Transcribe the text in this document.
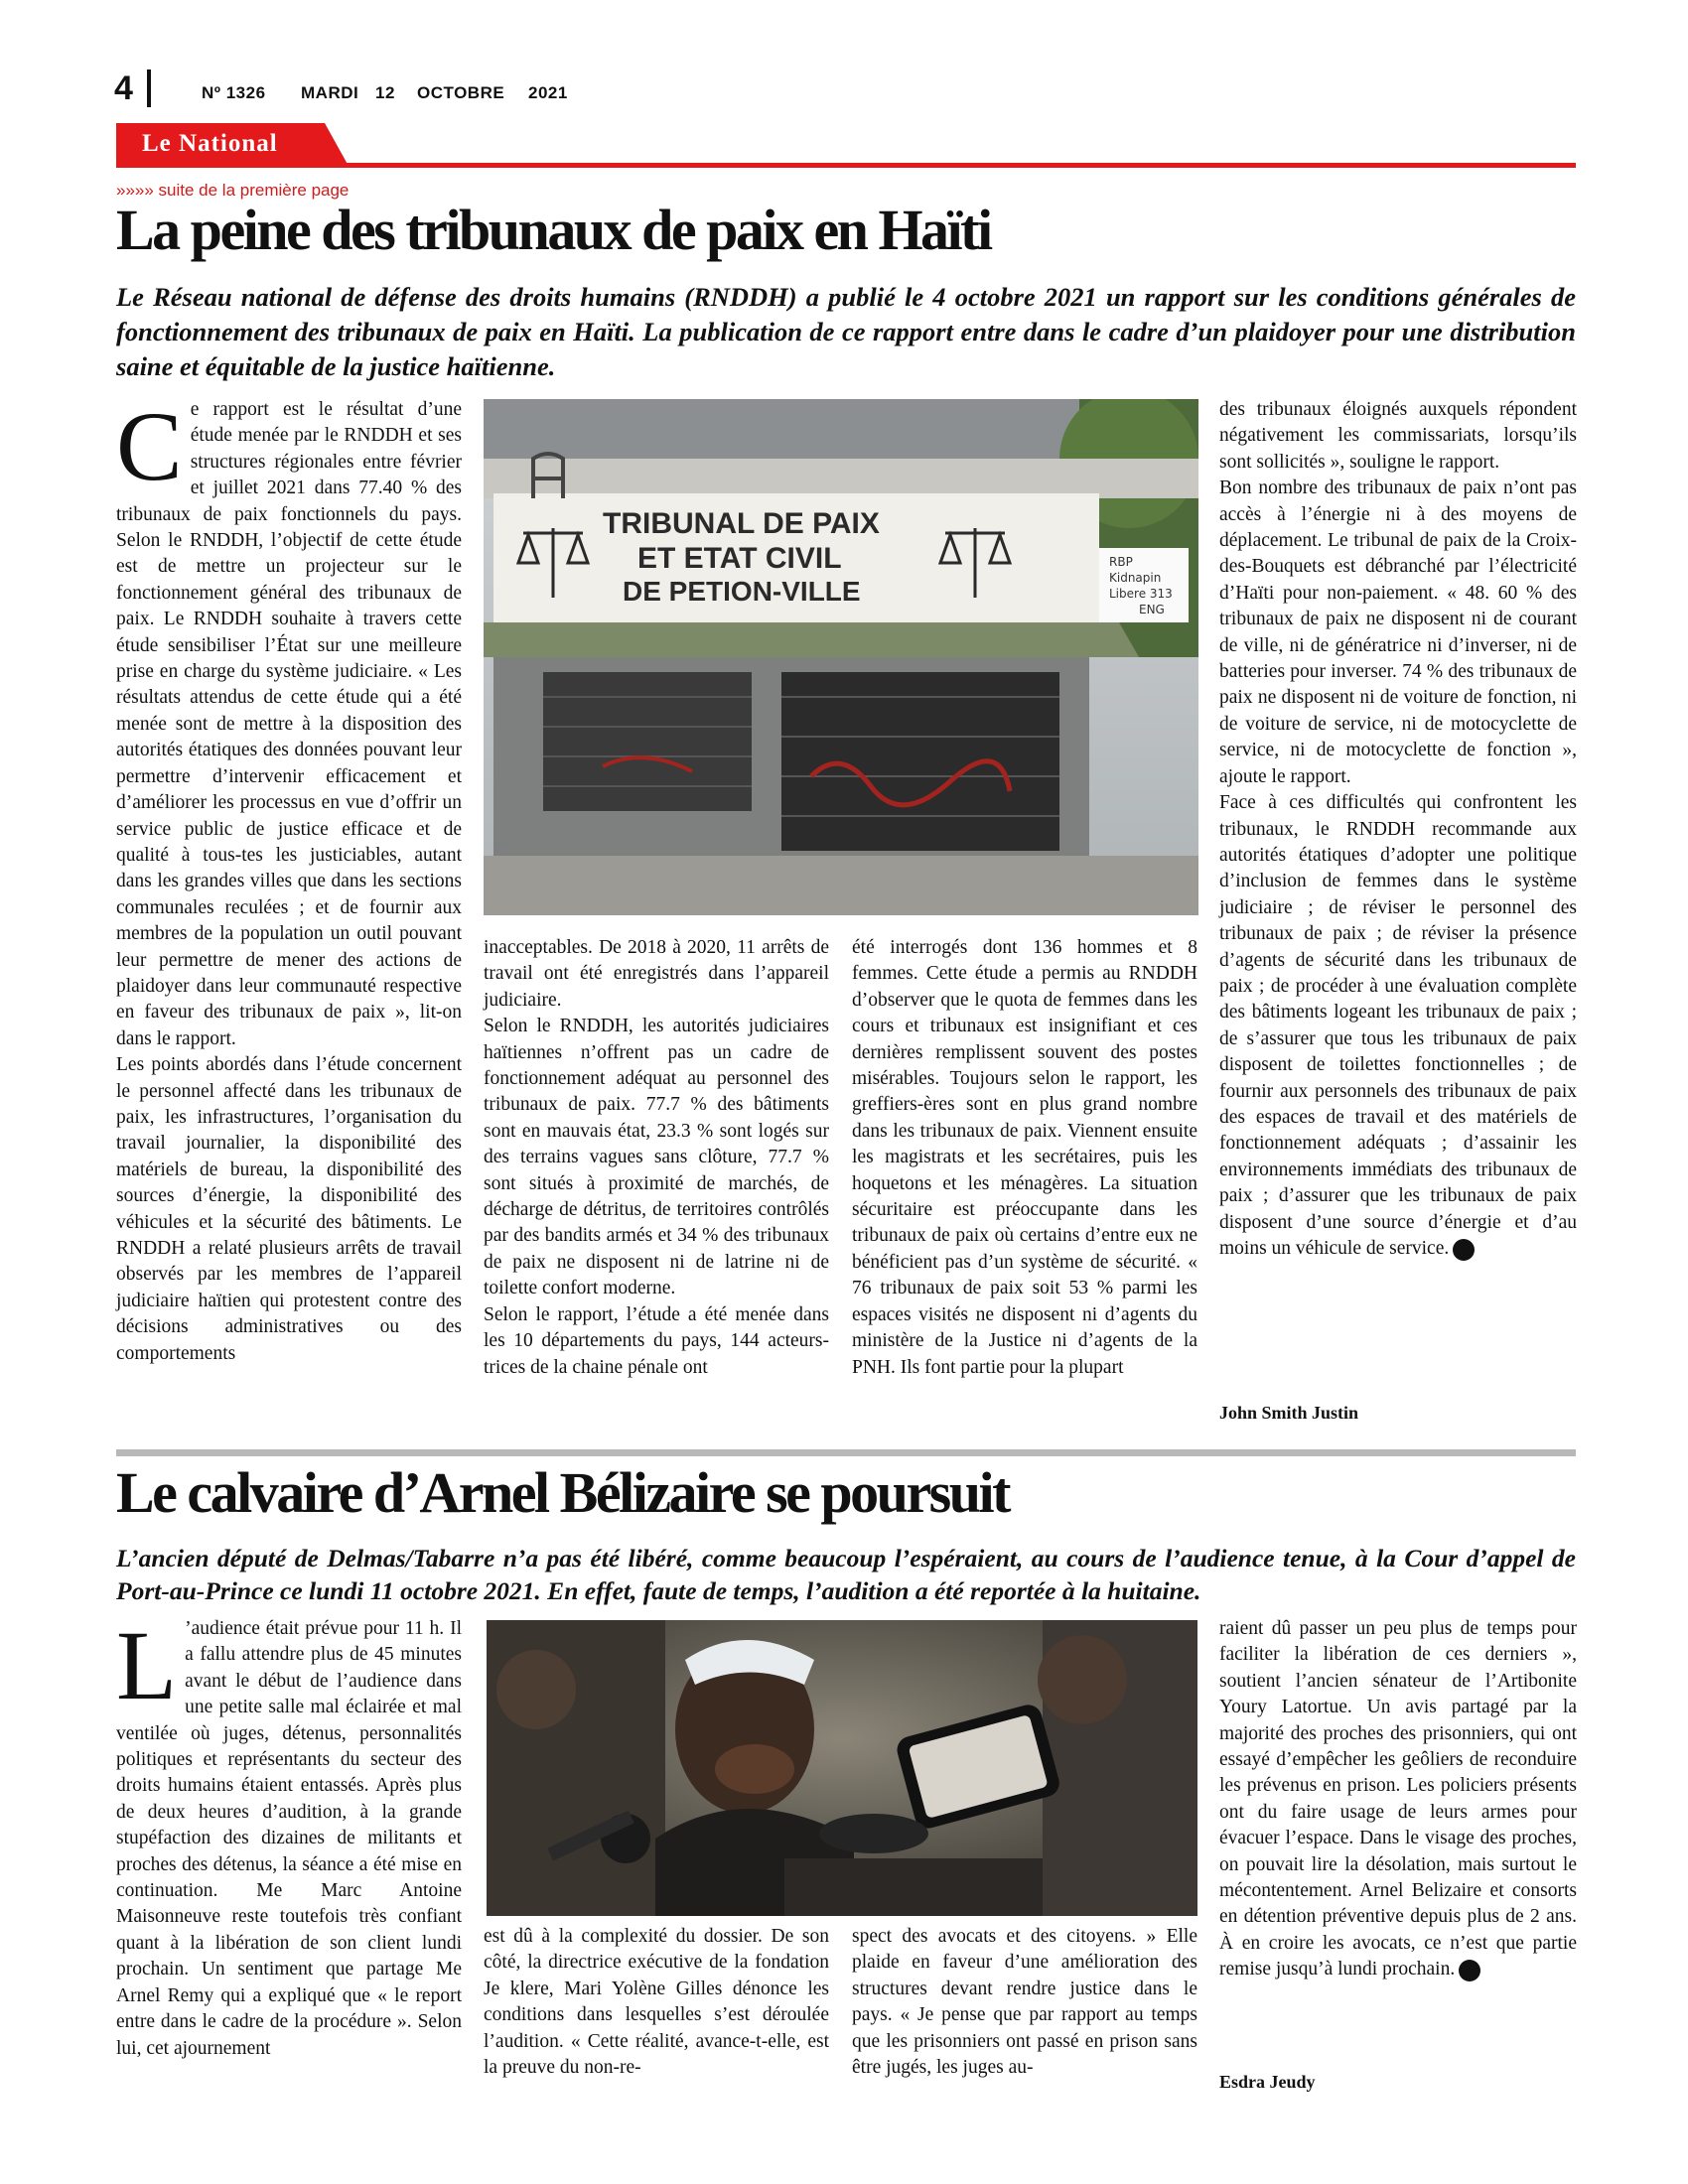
4	Nº 1326 MARDI 12 OCTOBRE 2021
Le National
»»»» suite de la première page
La peine des tribunaux de paix en Haïti
Le Réseau national de défense des droits humains (RNDDH) a publié le 4 octobre 2021 un rapport sur les conditions générales de fonctionnement des tribunaux de paix en Haïti. La publication de ce rapport entre dans le cadre d’un plaidoyer pour une distribution saine et équitable de la justice haïtienne.

Ce rapport est le résultat d’une étude menée par le RNDDH et ses structures régionales entre février et juillet 2021 dans 77.40 % des tribunaux de paix fonctionnels du pays. Selon le RNDDH, l’objectif de cette étude est de mettre un projecteur sur le fonctionnement général des tribunaux de paix. Le RNDDH souhaite à travers cette étude sensibiliser l’État sur une meilleure prise en charge du système judiciaire. « Les résultats attendus de cette étude qui a été menée sont de mettre à la disposition des autorités étatiques des données pouvant leur permettre d’intervenir efficacement et d’améliorer les processus en vue d’offrir un service public de justice efficace et de qualité à tous-tes les justiciables, autant dans les grandes villes que dans les sections communales reculées ; et de fournir aux membres de la population un outil pouvant leur permettre de mener des actions de plaidoyer dans leur communauté respective en faveur des tribunaux de paix », lit-on dans le rapport.

Les points abordés dans l’étude concernent le personnel affecté dans les tribunaux de paix, les infrastructures, l’organisation du travail journalier, la disponibilité des matériels de bureau, la disponibilité des sources d’énergie, la disponibilité des véhicules et la sécurité des bâtiments. Le RNDDH a relaté plusieurs arrêts de travail observés par les membres de l’appareil judiciaire haïtien qui protestent contre des décisions administratives ou des comportements

TRIBUNAL DE PAIX
ET ETAT CIVIL
DE PETION-VILLE
RBP
Kidnapin
Libere 313
ENG

inacceptables. De 2018 à 2020, 11 arrêts de travail ont été enregistrés dans l’appareil judiciaire.

Selon le RNDDH, les autorités judiciaires haïtiennes n’offrent pas un cadre de fonctionnement adéquat au personnel des tribunaux de paix. 77.7 % des bâtiments sont en mauvais état, 23.3 % sont logés sur des terrains vagues sans clôture, 77.7 % sont situés à proximité de marchés, de décharge de détritus, de territoires contrôlés par des bandits armés et 34 % des tribunaux de paix ne disposent ni de latrine ni de toilette confort moderne.

Selon le rapport, l’étude a été menée dans les 10 départements du pays, 144 acteurs-trices de la chaine pénale ont

été interrogés dont 136 hommes et 8 femmes. Cette étude a permis au RNDDH d’observer que le quota de femmes dans les cours et tribunaux est insignifiant et ces dernières remplissent souvent des postes misérables. Toujours selon le rapport, les greffiers-ères sont en plus grand nombre dans les tribunaux de paix. Viennent ensuite les magistrats et les secrétaires, puis les hoquetons et les ménagères. La situation sécuritaire est préoccupante dans les tribunaux de paix où certains d’entre eux ne bénéficient pas d’un système de sécurité. « 76 tribunaux de paix soit 53 % parmi les espaces visités ne disposent ni d’agents du ministère de la Justice ni d’agents de la PNH. Ils font partie pour la plupart

des tribunaux éloignés auxquels répondent négativement les commissariats, lorsqu’ils sont sollicités », souligne le rapport.

Bon nombre des tribunaux de paix n’ont pas accès à l’énergie ni à des moyens de déplacement. Le tribunal de paix de la Croix-des-Bouquets est débranché par l’électricité d’Haïti pour non-paiement. « 48. 60 % des tribunaux de paix ne disposent ni de courant de ville, ni de génératrice ni d’inverser, ni de batteries pour inverser. 74 % des tribunaux de paix ne disposent ni de voiture de fonction, ni de voiture de service, ni de motocyclette de service, ni de motocyclette de fonction », ajoute le rapport.

Face à ces difficultés qui confrontent les tribunaux, le RNDDH recommande aux autorités étatiques d’adopter une politique d’inclusion de femmes dans le système judiciaire ; de réviser le personnel des tribunaux de paix ; de réviser la présence d’agents de sécurité dans les tribunaux de paix ; de procéder à une évaluation complète des bâtiments logeant les tribunaux de paix ; de s’assurer que tous les tribunaux de paix disposent de toilettes fonctionnelles ; de fournir aux personnels des tribunaux de paix des espaces de travail et des matériels de fonctionnement adéquats ; d’assainir les environnements immédiats des tribunaux de paix ; d’assurer que les tribunaux de paix disposent d’une source d’énergie et d’au moins un véhicule de service.

John Smith Justin
Le calvaire d’Arnel Bélizaire se poursuit
L’ancien député de Delmas/Tabarre n’a pas été libéré, comme beaucoup l’espéraient, au cours de l’audience tenue, à la Cour d’appel de Port-au-Prince ce lundi 11 octobre 2021. En effet, faute de temps, l’audition a été reportée à la huitaine.

L ’audience était prévue pour 11 h. Il a fallu attendre plus de 45 minutes avant le début de l’audience dans une petite salle mal éclairée et mal ventilée où juges, détenus, personnalités politiques et représentants du secteur des droits humains étaient entassés. Après plus de deux heures d’audition, à la grande stupéfaction des dizaines de militants et proches des détenus, la séance a été mise en continuation. Me Marc Antoine Maisonneuve reste toutefois très confiant quant à la libération de son client lundi prochain. Un sentiment que partage Me Arnel Remy qui a expliqué que « le report entre dans le cadre de la procédure ». Selon lui, cet ajournement

est dû à la complexité du dossier. De son côté, la directrice exécutive de la fondation Je klere, Mari Yolène Gilles dénonce les conditions dans lesquelles s’est déroulée l’audition. « Cette réalité, avance-t-elle, est la preuve du non-re-

spect des avocats et des citoyens. » Elle plaide en faveur d’une amélioration des structures devant rendre justice dans le pays. « Je pense que par rapport au temps que les prisonniers ont passé en prison sans être jugés, les juges au-

raient dû passer un peu plus de temps pour faciliter la libération de ces derniers », soutient l’ancien sénateur de l’Artibonite Youry Latortue. Un avis partagé par la majorité des proches des prisonniers, qui ont essayé d’empêcher les geôliers de reconduire les prévenus en prison. Les policiers présents ont du faire usage de leurs armes pour évacuer l’espace. Dans le visage des proches, on pouvait lire la désolation, mais surtout le mécontentement. Arnel Belizaire et consorts en détention préventive depuis plus de 2 ans. À en croire les avocats, ce n’est que partie remise jusqu’à lundi prochain.

Esdra Jeudy
